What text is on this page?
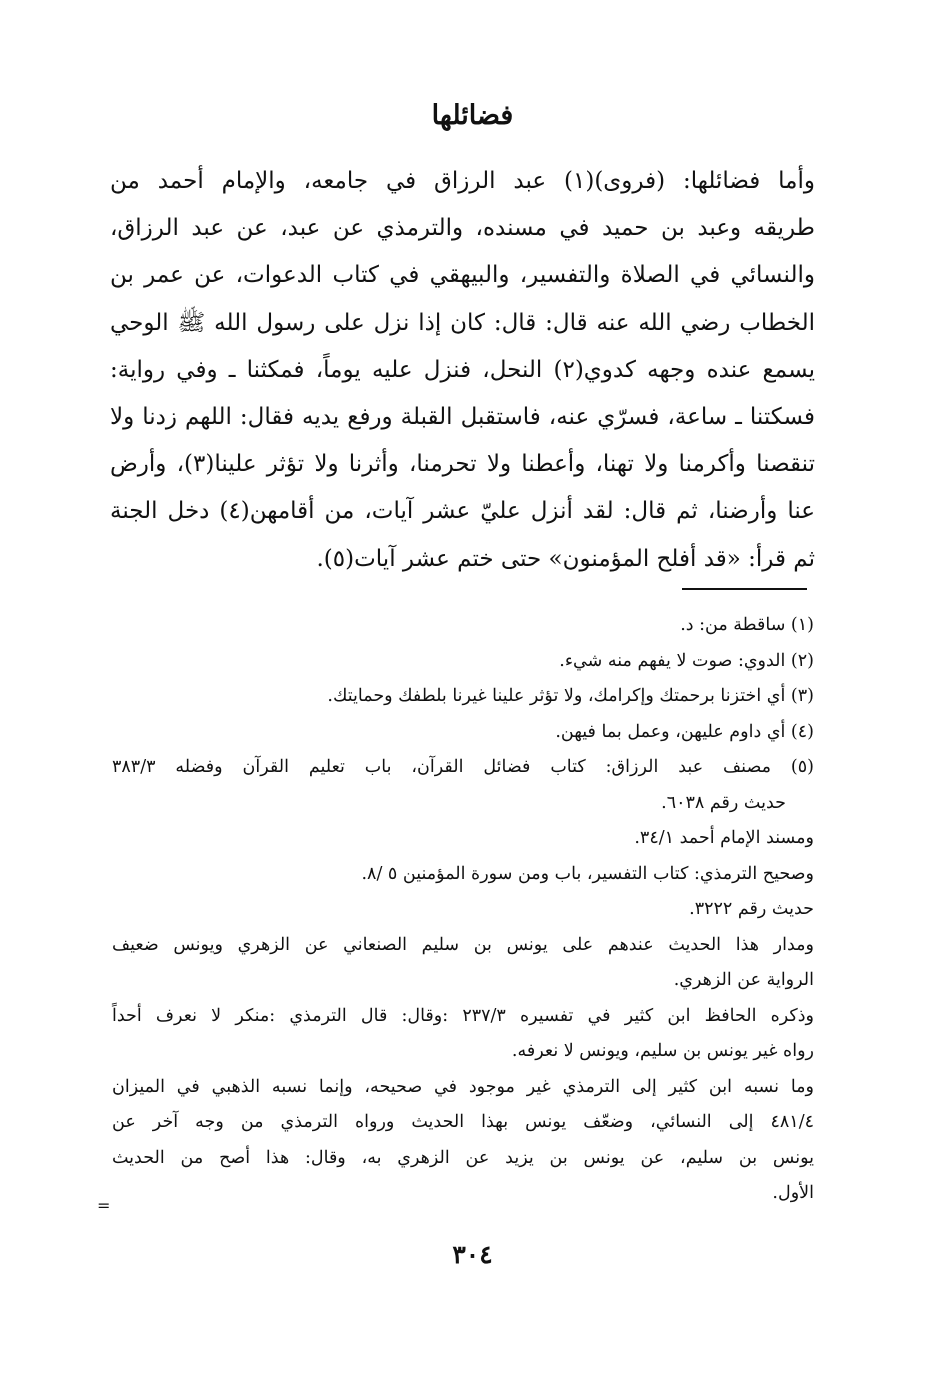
فضائلها
وأما فضائلها: (فروى)(١) عبد الرزاق في جامعه، والإمام أحمد من
طريقه وعبد بن حميد في مسنده، والترمذي عن عبد، عن عبد الرزاق،
والنسائي في الصلاة والتفسير، والبيهقي في كتاب الدعوات، عن عمر بن
الخطاب رضي الله عنه قال: قال: كان إذا نزل على رسول الله ﷺ الوحي
يسمع عنده وجهه كدوي(٢) النحل، فنزل عليه يوماً، فمكثنا ـ وفي رواية:
فسكتنا ـ ساعة، فسرّي عنه، فاستقبل القبلة ورفع يديه فقال: اللهم زدنا ولا
تنقصنا وأكرمنا ولا تهنا، وأعطنا ولا تحرمنا، وأثرنا ولا تؤثر علينا(٣)، وأرض
عنا وأرضنا، ثم قال: لقد أنزل عليّ عشر آيات، من أقامهن(٤) دخل الجنة
ثم قرأ: «قد أفلح المؤمنون» حتى ختم عشر آيات(٥).
(١) ساقطة من: د.
(٢) الدوي: صوت لا يفهم منه شيء.
(٣) أي اختزنا برحمتك وإكرامك، ولا تؤثر علينا غيرنا بلطفك وحمايتك.
(٤) أي داوم عليهن، وعمل بما فيهن.
(٥) مصنف عبد الرزاق: كتاب فضائل القرآن، باب تعليم القرآن وفضله ٣٨٣/٣
حديث رقم ٦٠٣٨.
ومسند الإمام أحمد ٣٤/١.
وصحيح الترمذي: كتاب التفسير، باب ومن سورة المؤمنين ٥ /٨.
حديث رقم ٣٢٢٢.
ومدار هذا الحديث عندهم على يونس بن سليم الصنعاني عن الزهري ويونس ضعيف
الرواية عن الزهري.
وذكره الحافظ ابن كثير في تفسيره ٢٣٧/٣ :وقال: قال الترمذي :منكر لا نعرف أحداً
رواه غير يونس بن سليم، ويونس لا نعرفه.
وما نسبه ابن كثير إلى الترمذي غير موجود في صحيحه، وإنما نسبه الذهبي في الميزان
٤٨١/٤ إلى النسائي، وضعّف يونس بهذا الحديث ورواه الترمذي من وجه آخر عن
يونس بن سليم، عن يونس بن يزيد عن الزهري به، وقال: هذا أصح من الحديث
الأول.
=
٣٠٤
